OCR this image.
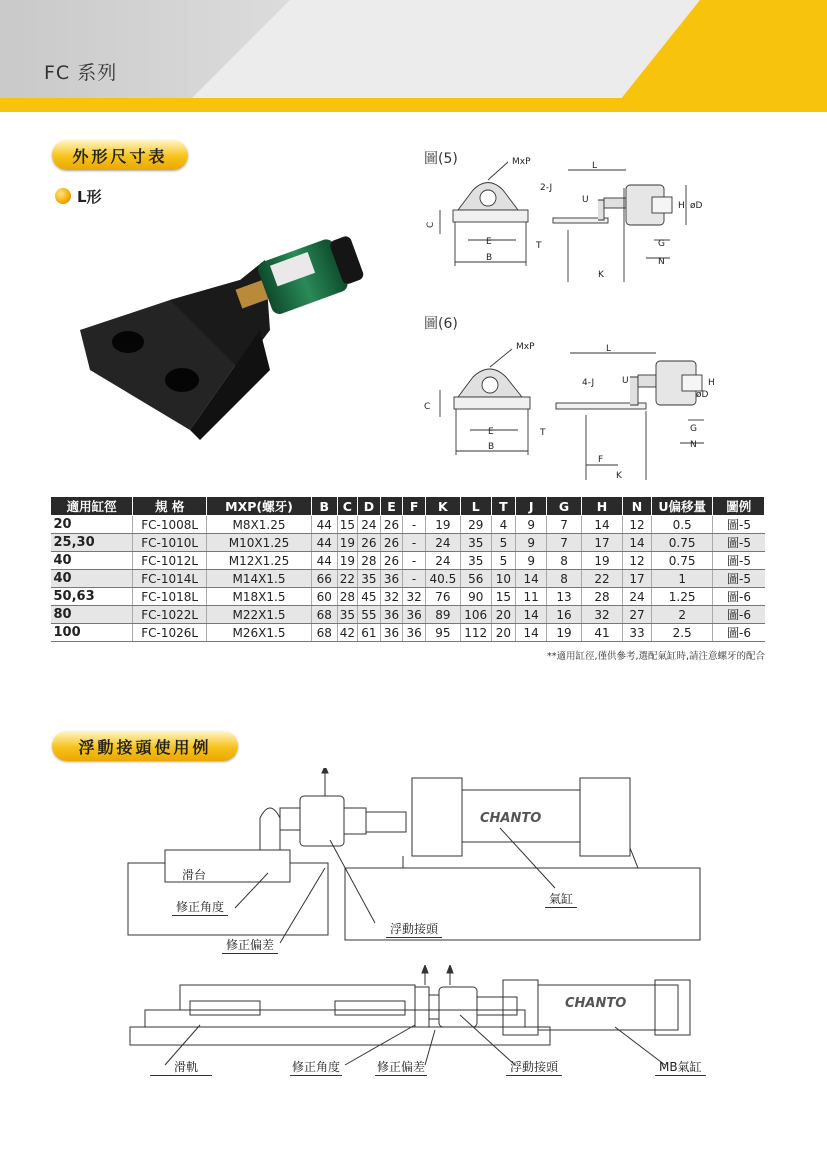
FC 系列
外形尺寸表
L形
圖(5)	MxP
C
E
B
2-J
U
T
L
K
H øD
G
N
圖(6)
MxP
C
E
B
4-J	U
T
L
K
F
H
øD
G
N
適用缸徑	規 格	MXP(螺牙)	B	C	D	E	F	K	L	T	J	G	H	N	U偏移量	圖例
20	FC-1008L	M8X1.25	44	15	24	26	-	19	29	4	9	7	14	12	0.5	圖-5
25,30	FC-1010L	M10X1.25	44	19	26	26	-	24	35	5	9	7	17	14	0.75	圖-5
40	FC-1012L	M12X1.25	44	19	28	26	-	24	35	5	9	8	19	12	0.75	圖-5
40	FC-1014L	M14X1.5	66	22	35	36	-	40.5	56	10	14	8	22	17	1	圖-5
50,63	FC-1018L	M18X1.5	60	28	45	32	32	76	90	15	11	13	28	24	1.25	圖-6
80	FC-1022L	M22X1.5	68	35	55	36	36	89	106	20	14	16	32	27	2	圖-6
100	FC-1026L	M26X1.5	68	42	61	36	36	95	112	20	14	19	41	33	2.5	圖-6
**適用缸徑,僅供參考,選配氣缸時,請注意螺牙的配合
浮動接頭使用例
CHANTO
滑台
修正角度
修正偏差
浮動接頭
氣缸
CHANTO
滑軌	修正角度	修正偏差	浮動接頭	MB氣缸
